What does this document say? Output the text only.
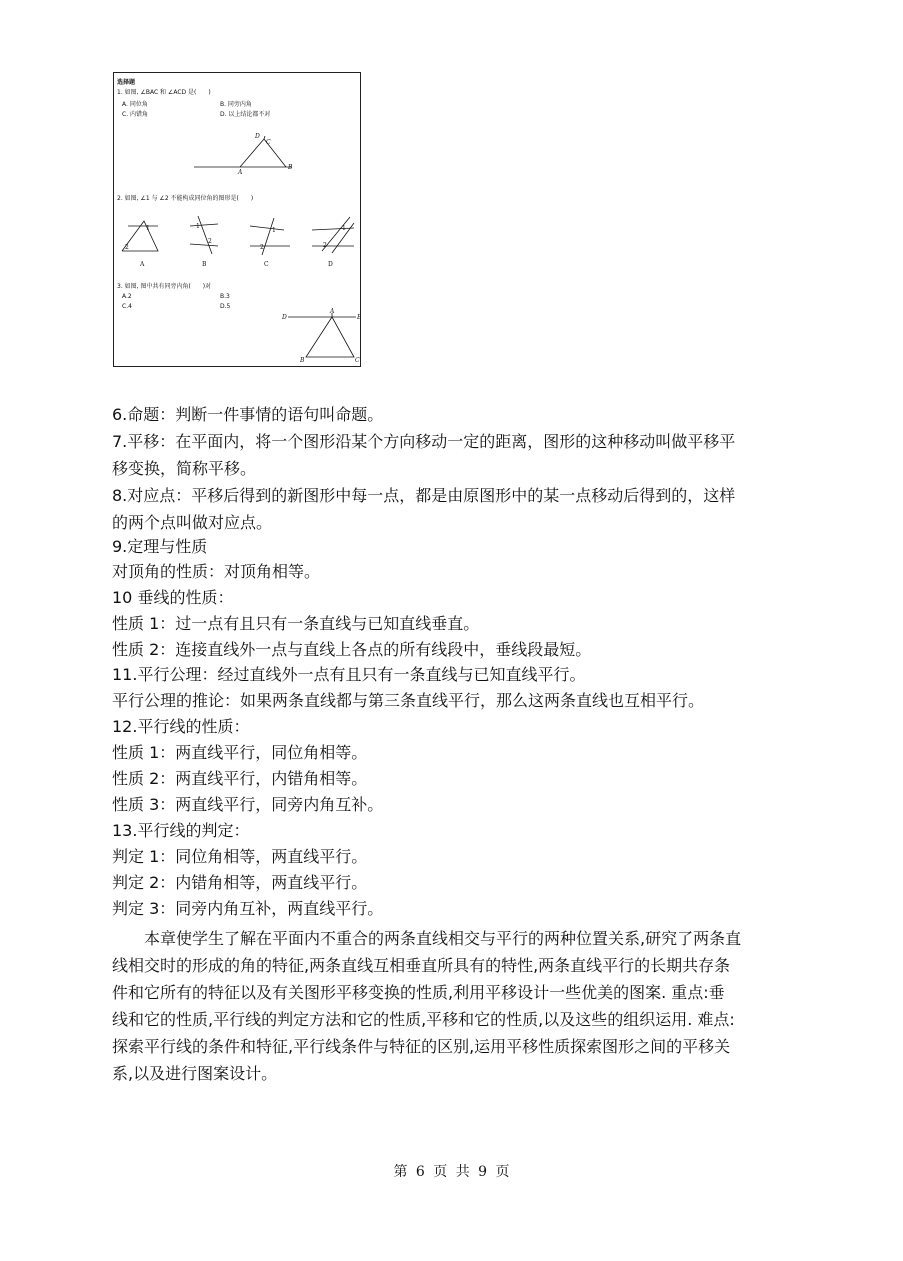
选择题
1. 如图, ∠BAC 和 ∠ACD 是(　　)
A. 同位角	B. 同旁内角
C. 内错角	D. 以上结论都不对
D
C
A
B
1
2
1
2
1
2
1
2
A	B	C	D
D
A
E
B	C
2. 如图, ∠1 与 ∠2 不能构成同位角的图形是(　　)
3. 如图, 图中共有同旁内角(　　)对
A.2	B.3
C.4	D.5
6.命题：判断一件事情的语句叫命题。
7.平移：在平面内，将一个图形沿某个方向移动一定的距离，图形的这种移动叫做平移平
移变换，简称平移。
8.对应点：平移后得到的新图形中每一点，都是由原图形中的某一点移动后得到的，这样
的两个点叫做对应点。
9.定理与性质
对顶角的性质：对顶角相等。
10 垂线的性质：
性质 1：过一点有且只有一条直线与已知直线垂直。
性质 2：连接直线外一点与直线上各点的所有线段中，垂线段最短。
11.平行公理：经过直线外一点有且只有一条直线与已知直线平行。
平行公理的推论：如果两条直线都与第三条直线平行，那么这两条直线也互相平行。
12.平行线的性质：
性质 1：两直线平行，同位角相等。
性质 2：两直线平行，内错角相等。
性质 3：两直线平行，同旁内角互补。
13.平行线的判定：
判定 1：同位角相等，两直线平行。
判定 2：内错角相等，两直线平行。
判定 3：同旁内角互补，两直线平行。
　　本章使学生了解在平面内不重合的两条直线相交与平行的两种位置关系,研究了两条直
线相交时的形成的角的特征,两条直线互相垂直所具有的特性,两条直线平行的长期共存条
件和它所有的特征以及有关图形平移变换的性质,利用平移设计一些优美的图案. 重点:垂
线和它的性质,平行线的判定方法和它的性质,平移和它的性质,以及这些的组织运用. 难点:
探索平行线的条件和特征,平行线条件与特征的区别,运用平移性质探索图形之间的平移关
系,以及进行图案设计。
第 6 页 共 9 页
